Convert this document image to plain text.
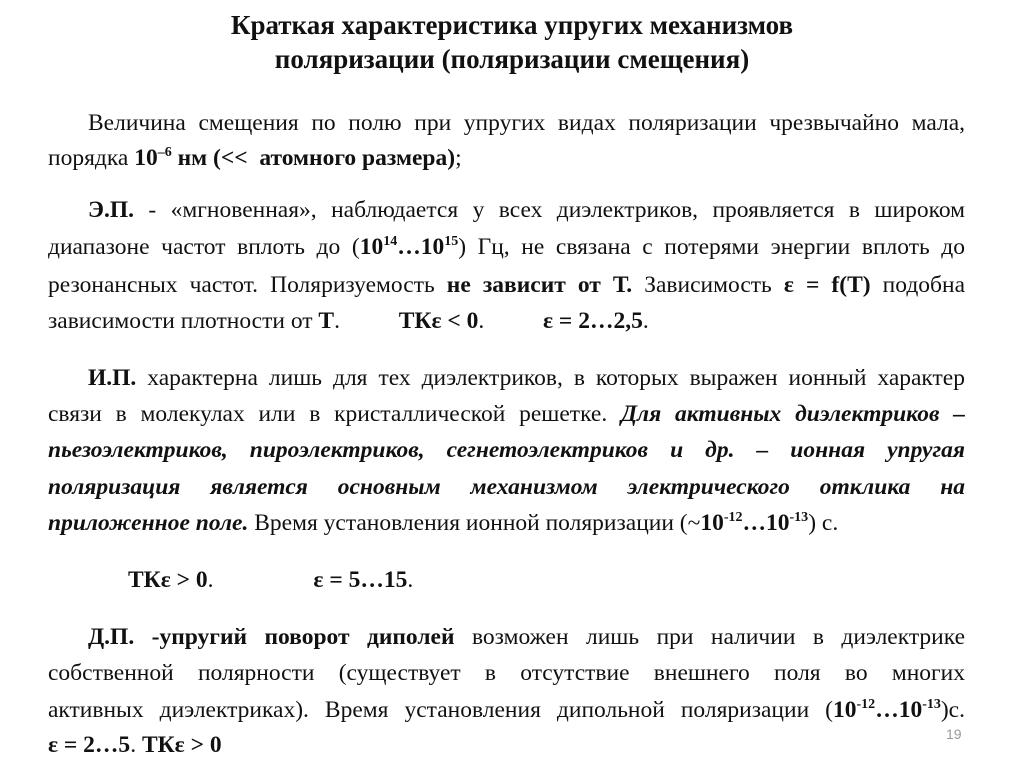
Краткая характеристика упругих механизмов
поляризации (поляризации смещения)
Величина смещения по полю при упругих видах поляризации чрезвычайно мала,
порядка $10^{-6}$ нм (<<  атомного размера);
Э.П. - «мгновенная», наблюдается у всех диэлектриков, проявляется в широком
диапазоне частот вплоть до $(10^{14}\dots 10^{15})$ Гц, не связана с потерями энергии вплоть до
резонансных частот. Поляризуемость не зависит от Т. Зависимость ε = f(T) подобна
зависимости плотности от Т.          ТКε < 0.          ε = 2…2,5.
И.П. характерна лишь для тех диэлектриков, в которых выражен ионный характер
связи в молекулах или в кристаллической решетке. Для активных диэлектриков –
пьезоэлектриков, пироэлектриков, сегнетоэлектриков и др. – ионная упругая
поляризация является основным механизмом электрического отклика на
приложенное поле. Время установления ионной поляризации $(\sim 10^{-12}\dots 10^{-13})$ с.
ТКε > 0.                 ε = 5…15.
Д.П. -упругий поворот диполей возможен лишь при наличии в диэлектрике
собственной полярности (существует в отсутствие внешнего поля во многих
активных диэлектриках). Время установления дипольной поляризации $(10^{-12}\dots 10^{-13})с$.
ε = 2…5. ТКε > 0	19
